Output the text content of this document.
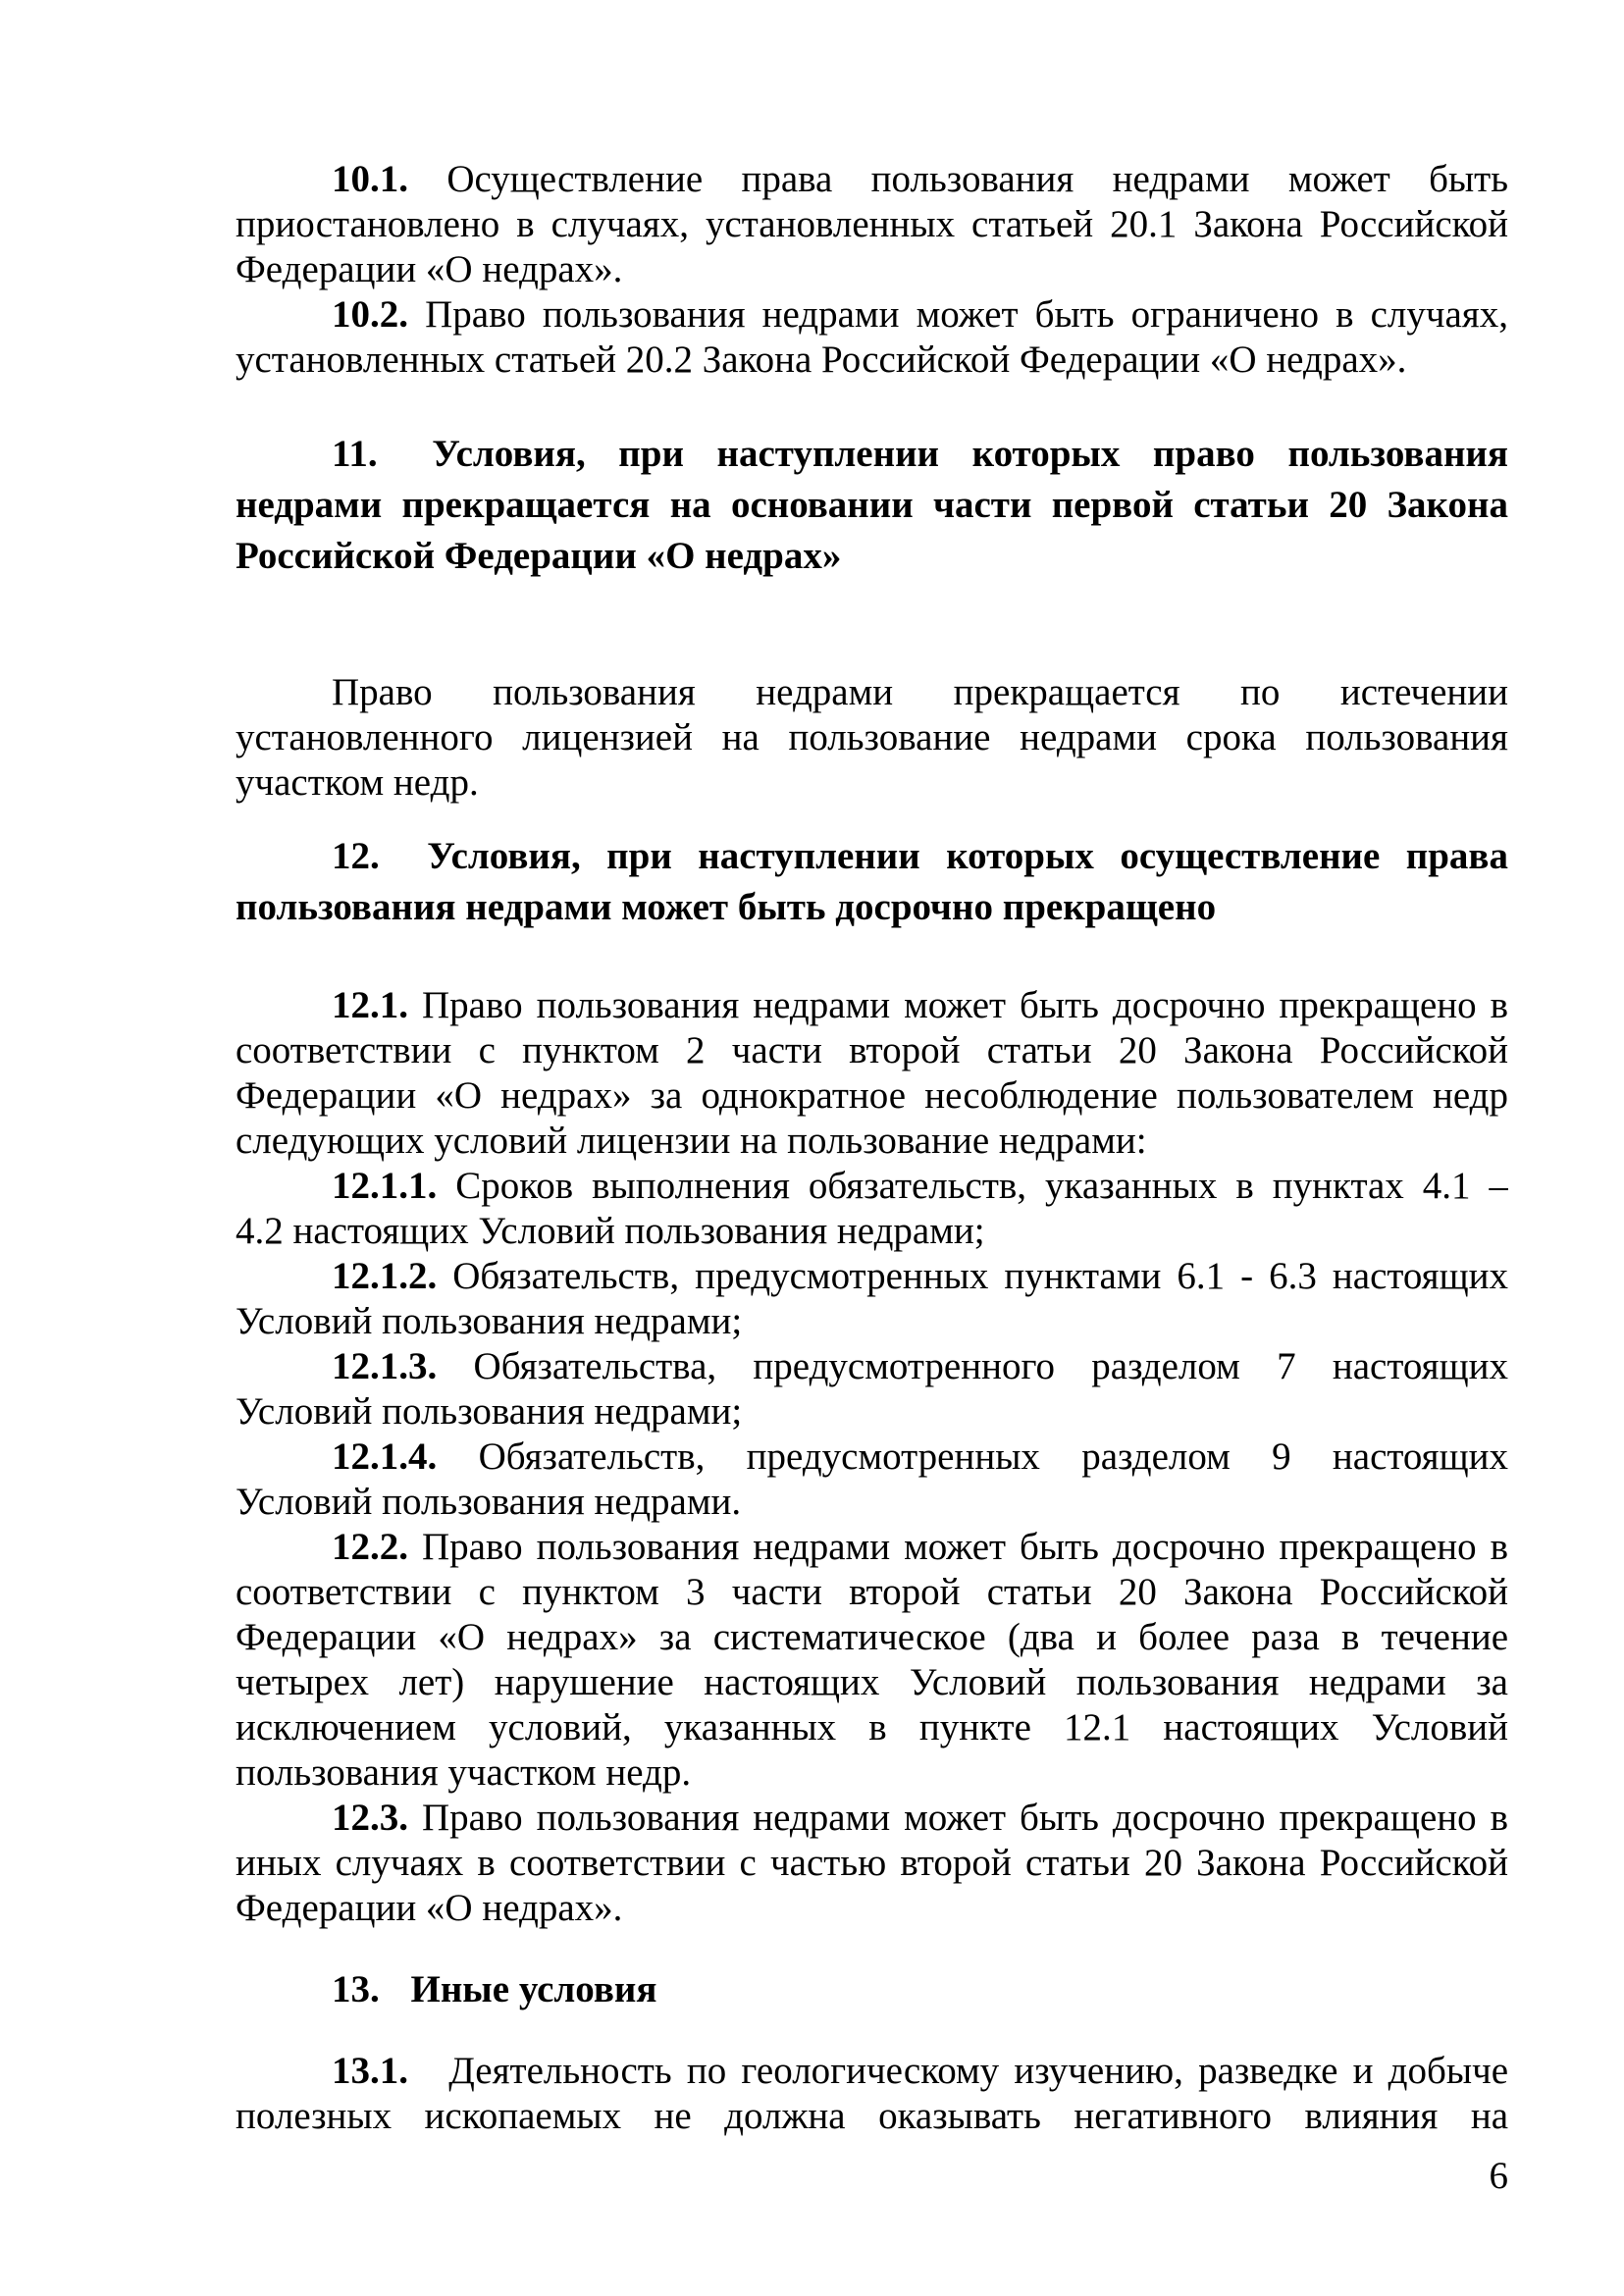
10.1. Осуществление права пользования недрами может быть
приостановлено в случаях, установленных статьей 20.1 Закона Российской
Федерации «О недрах».
10.2. Право пользования недрами может быть ограничено в случаях,
установленных статьей 20.2 Закона Российской Федерации «О недрах».
11. Условия, при наступлении которых право пользования
недрами прекращается на основании части первой статьи 20 Закона
Российской Федерации «О недрах»
Право пользования недрами прекращается по истечении
установленного лицензией на пользование недрами срока пользования
участком недр.
12. Условия, при наступлении которых осуществление права
пользования недрами может быть досрочно прекращено
12.1. Право пользования недрами может быть досрочно прекращено в
соответствии с пунктом 2 части второй статьи 20 Закона Российской
Федерации «О недрах» за однократное несоблюдение пользователем недр
следующих условий лицензии на пользование недрами:
12.1.1. Сроков выполнения обязательств, указанных в пунктах 4.1 –
4.2 настоящих Условий пользования недрами;
12.1.2. Обязательств, предусмотренных пунктами 6.1 - 6.3 настоящих
Условий пользования недрами;
12.1.3. Обязательства, предусмотренного разделом 7 настоящих
Условий пользования недрами;
12.1.4. Обязательств, предусмотренных разделом 9 настоящих
Условий пользования недрами.
12.2. Право пользования недрами может быть досрочно прекращено в
соответствии с пунктом 3 части второй статьи 20 Закона Российской
Федерации «О недрах» за систематическое (два и более раза в течение
четырех лет) нарушение настоящих Условий пользования недрами за
исключением условий, указанных в пункте 12.1 настоящих Условий
пользования участком недр.
12.3. Право пользования недрами может быть досрочно прекращено в
иных случаях в соответствии с частью второй статьи 20 Закона Российской
Федерации «О недрах».
13. Иные условия
13.1. Деятельность по геологическому изучению, разведке и добыче
полезных ископаемых не должна оказывать негативного влияния на
6
